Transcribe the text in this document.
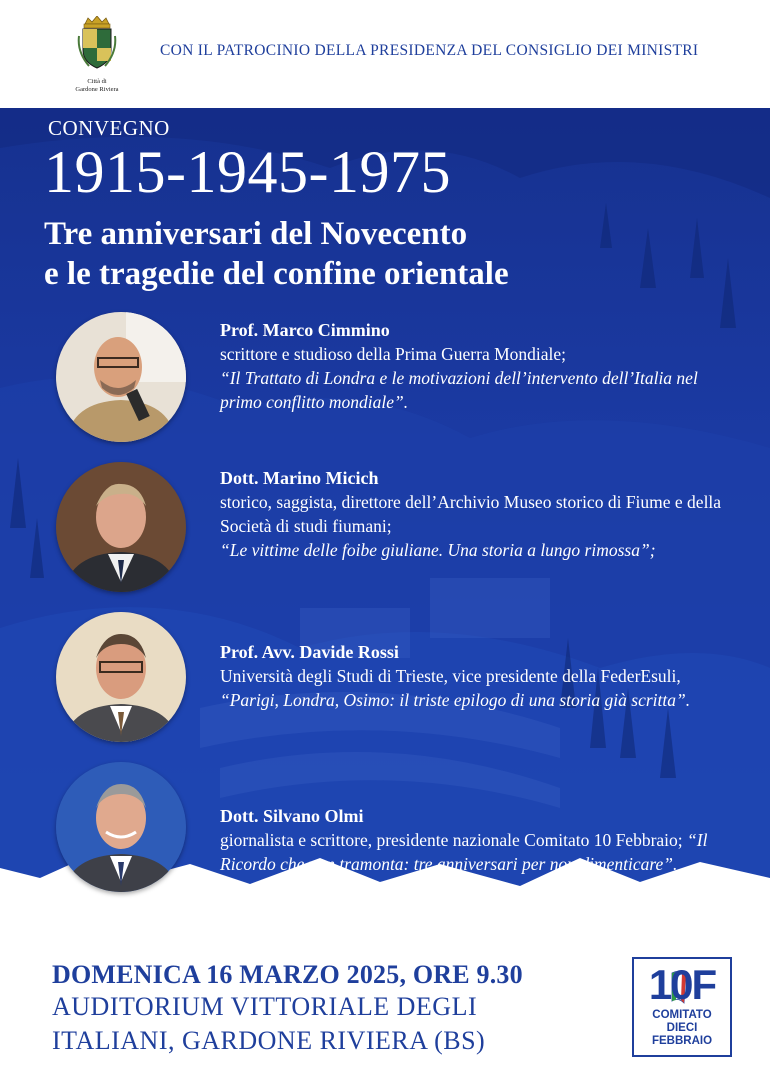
Città di
Gardone Riviera
CON IL PATROCINIO DELLA PRESIDENZA DEL CONSIGLIO DEI MINISTRI
CONVEGNO
1915-1945-1975
Tre anniversari del Novecento
e le tragedie del confine orientale
Prof. Marco Cimmino
scrittore e studioso della Prima Guerra Mondiale;
“Il Trattato di Londra e le motivazioni dell’intervento dell’Italia nel primo conflitto mondiale”.
Dott. Marino Micich
storico, saggista, direttore dell’Archivio Museo storico di Fiume e della Società di studi fiumani;
“Le vittime delle foibe giuliane. Una storia a lungo rimossa”;
Prof. Avv. Davide Rossi
Università degli Studi di Trieste, vice presidente della FederEsuli, “Parigi, Londra, Osimo: il triste epilogo di una storia già scritta”.
Dott. Silvano Olmi
giornalista e scrittore, presidente nazionale Comitato 10 Febbraio; “Il Ricordo che non tramonta: tre anniversari per non dimenticare”.
DOMENICA 16 MARZO 2025, ORE 9.30
AUDITORIUM VITTORIALE DEGLI
ITALIANI, GARDONE RIVIERA (BS)
10F
COMITATO
DIECI
FEBBRAIO
